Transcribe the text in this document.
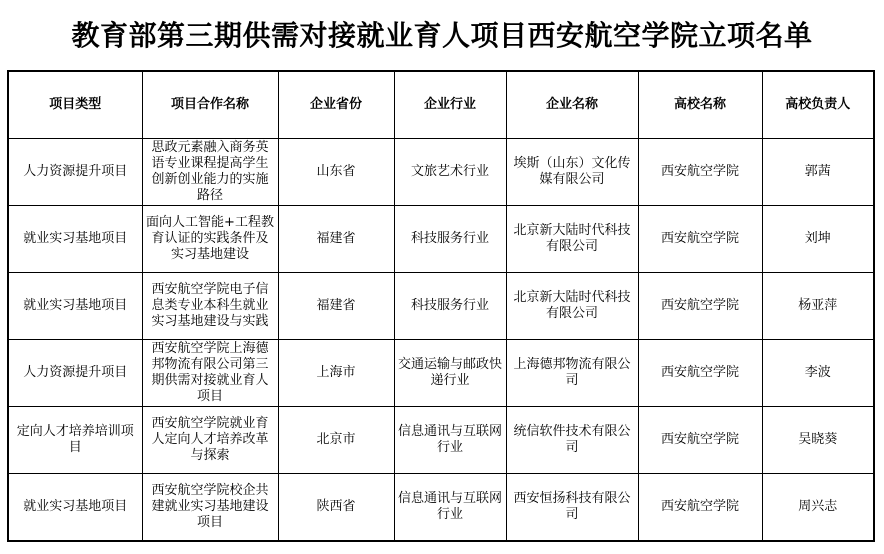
教育部第三期供需对接就业育人项目西安航空学院立项名单
项目类型	项目合作名称	企业省份	企业行业	企业名称	高校名称	高校负责人
人力资源提升项目	思政元素融入商务英语专业课程提高学生创新创业能力的实施路径	山东省	文旅艺术行业	埃斯（山东）文化传媒有限公司	西安航空学院	郭茜
就业实习基地项目	面向人工智能+工程教育认证的实践条件及实习基地建设	福建省	科技服务行业	北京新大陆时代科技有限公司	西安航空学院	刘坤
就业实习基地项目	西安航空学院电子信息类专业本科生就业实习基地建设与实践	福建省	科技服务行业	北京新大陆时代科技有限公司	西安航空学院	杨亚萍
人力资源提升项目	西安航空学院上海德邦物流有限公司第三期供需对接就业育人项目	上海市	交通运输与邮政快递行业	上海德邦物流有限公司	西安航空学院	李波
定向人才培养培训项目	西安航空学院就业育人定向人才培养改革与探索	北京市	信息通讯与互联网行业	统信软件技术有限公司	西安航空学院	吴晓葵
就业实习基地项目	西安航空学院校企共建就业实习基地建设项目	陕西省	信息通讯与互联网行业	西安恒扬科技有限公司	西安航空学院	周兴志
